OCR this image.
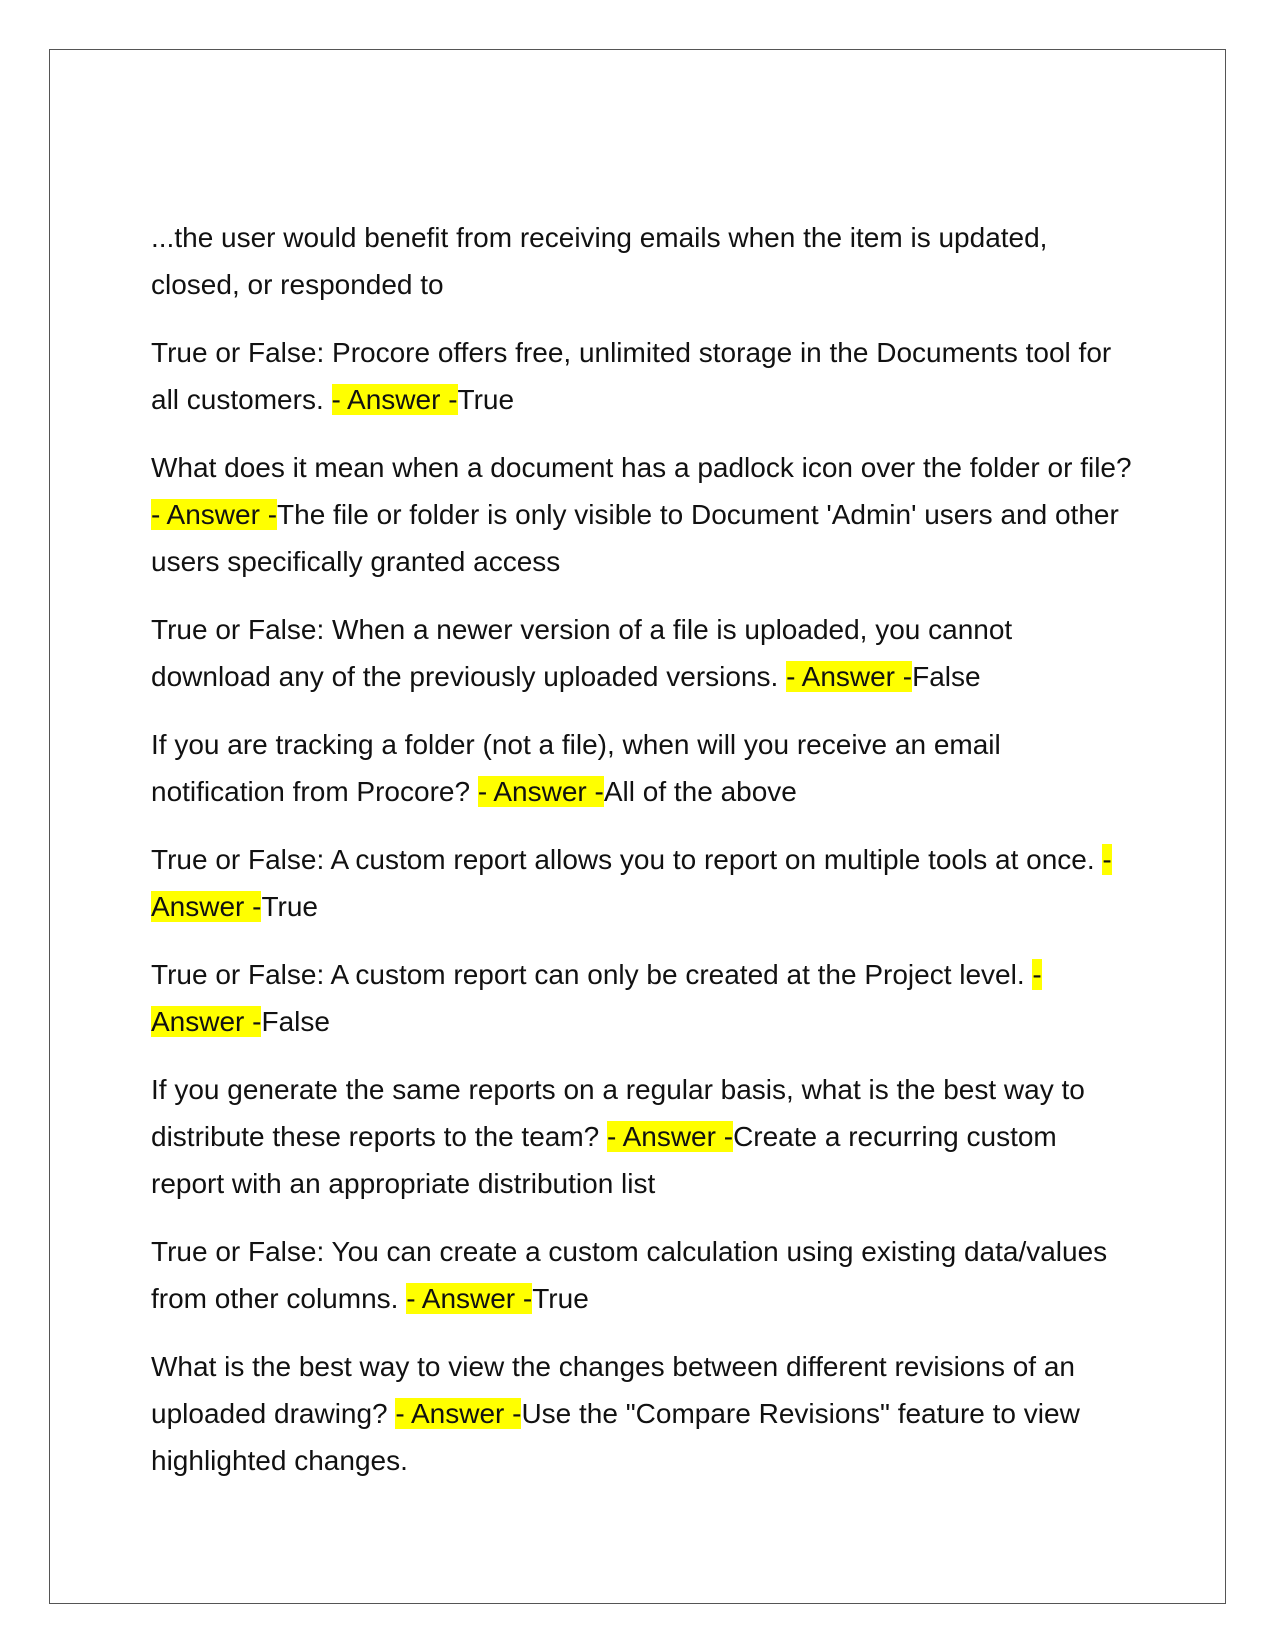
...the user would benefit from receiving emails when the item is updated, closed, or responded to

True or False: Procore offers free, unlimited storage in the Documents tool for all customers. - Answer -True

What does it mean when a document has a padlock icon over the folder or file? - Answer -The file or folder is only visible to Document 'Admin' users and other users specifically granted access

True or False: When a newer version of a file is uploaded, you cannot download any of the previously uploaded versions. - Answer -False

If you are tracking a folder (not a file), when will you receive an email notification from Procore? - Answer -All of the above

True or False: A custom report allows you to report on multiple tools at once. - Answer -True

True or False: A custom report can only be created at the Project level. - Answer -False

If you generate the same reports on a regular basis, what is the best way to distribute these reports to the team? - Answer -Create a recurring custom report with an appropriate distribution list

True or False: You can create a custom calculation using existing data/values from other columns. - Answer -True

What is the best way to view the changes between different revisions of an uploaded drawing? - Answer -Use the "Compare Revisions" feature to view highlighted changes.
